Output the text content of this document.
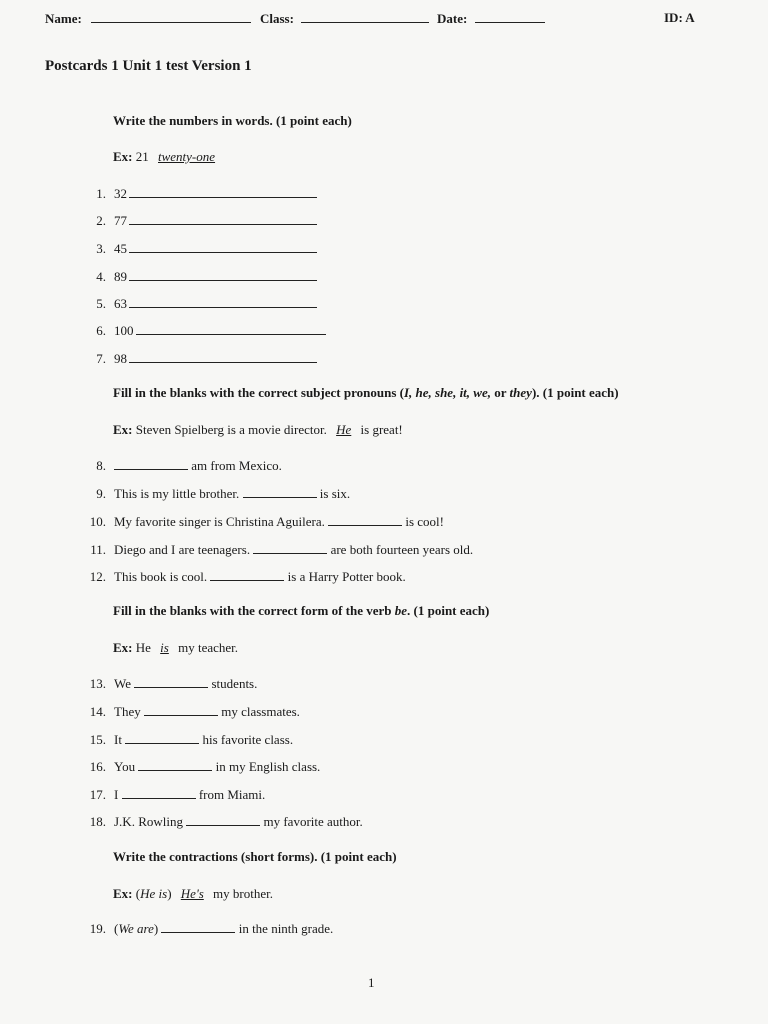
Name:	Class:	Date:	ID: A
Postcards 1 Unit 1 test Version 1
Write the numbers in words. (1 point each)
Ex: 21 twenty-one
1. 32
2. 77
3. 45
4. 89
5. 63
6. 100
7. 98
Fill in the blanks with the correct subject pronouns (I, he, she, it, we, or they). (1 point each)
Ex: Steven Spielberg is a movie director. He is great!
8.	am from Mexico.
9. This is my little brother.	is six.
10. My favorite singer is Christina Aguilera.	is cool!
11. Diego and I are teenagers.	are both fourteen years old.
12. This book is cool.	is a Harry Potter book.
Fill in the blanks with the correct form of the verb be. (1 point each)
Ex: He is my teacher.
13. We	students.
14. They	my classmates.
15. It	his favorite class.
16. You	in my English class.
17. I	from Miami.
18. J.K. Rowling	my favorite author.
Write the contractions (short forms). (1 point each)
Ex: (He is) He's my brother.
19. (We are)	in the ninth grade.
1
